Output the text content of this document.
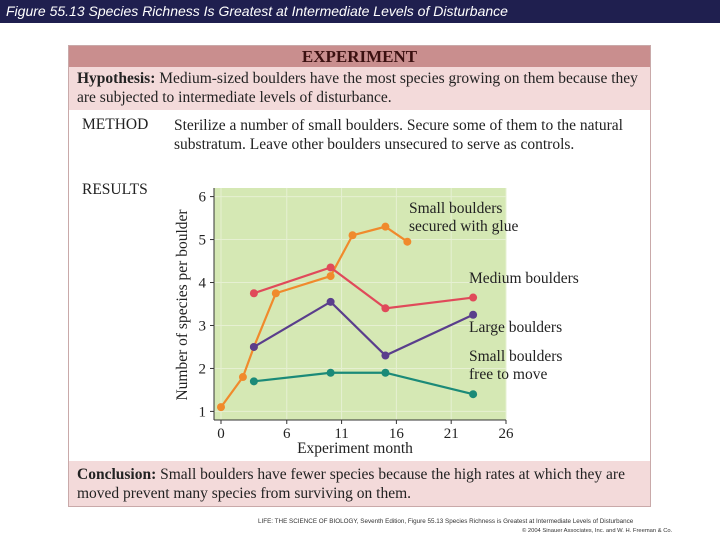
Figure 55.13 Species Richness Is Greatest at Intermediate Levels of Disturbance
EXPERIMENT
Hypothesis: Medium-sized boulders have the most species growing on them because they are subjected to intermediate levels of disturbance.
METHOD Sterilize a number of small boulders. Secure some of them to the natural substratum. Leave other boulders unsecured to serve as controls.
RESULTS
1
2
3
4
5
6
0	6	11	16	21	26
Experiment month
Number of species per boulder
Small boulders secured with glue
Medium boulders
Large boulders
Small boulders free to move
Conclusion: Small boulders have fewer species because the high rates at which they are moved prevent many species from surviving on them.
LIFE: THE SCIENCE OF BIOLOGY, Seventh Edition, Figure 55.13 Species Richness is Greatest at Intermediate Levels of Disturbance
© 2004 Sinauer Associates, Inc. and W. H. Freeman & Co.
